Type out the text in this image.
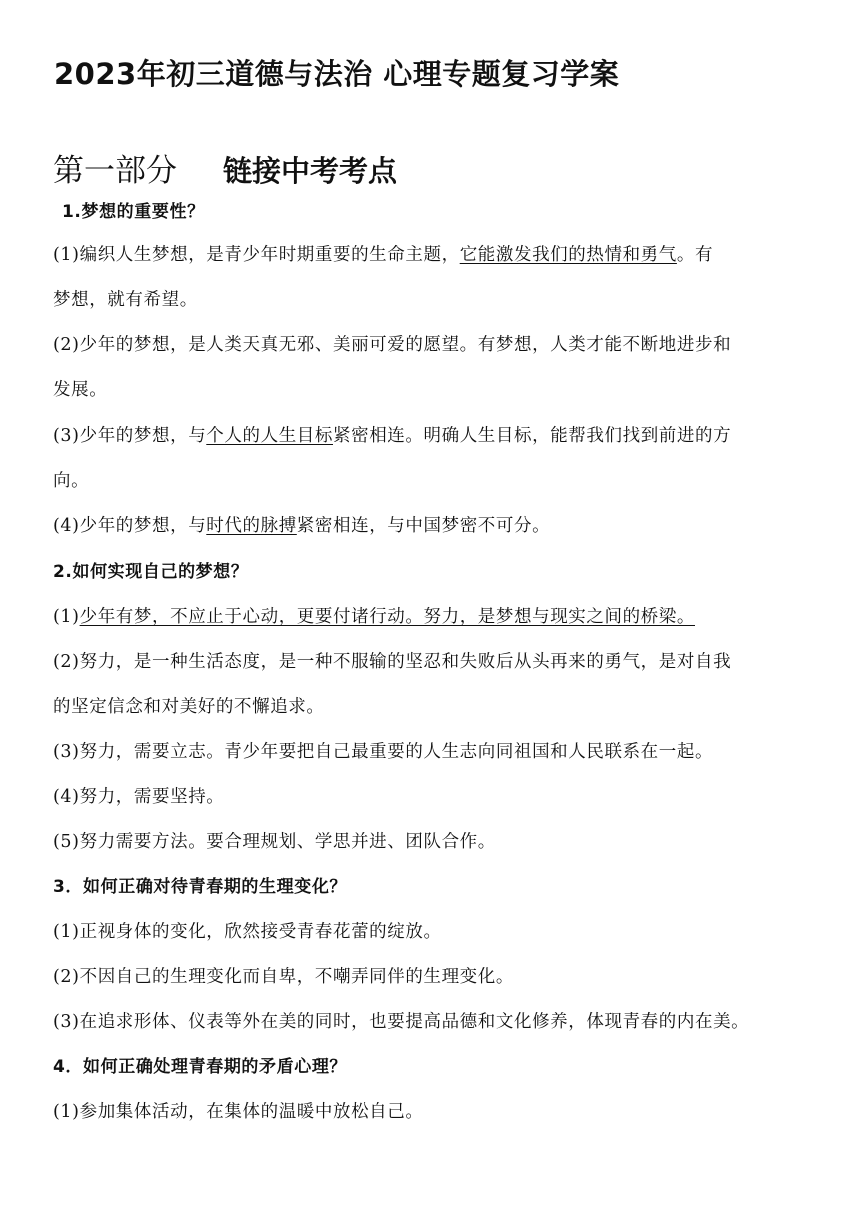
2023年初三道德与法治 心理专题复习学案
第一部分 链接中考考点
1.梦想的重要性？
(1)编织人生梦想，是青少年时期重要的生命主题，它能激发我们的热情和勇气。有
梦想，就有希望。
(2)少年的梦想，是人类天真无邪、美丽可爱的愿望。有梦想，人类才能不断地进步和
发展。
(3)少年的梦想，与个人的人生目标紧密相连。明确人生目标，能帮我们找到前进的方
向。
(4)少年的梦想，与时代的脉搏紧密相连，与中国梦密不可分。
2.如何实现自己的梦想？
(1)少年有梦，不应止于心动，更要付诸行动。努力，是梦想与现实之间的桥梁。
(2)努力，是一种生活态度，是一种不服输的坚忍和失败后从头再来的勇气，是对自我
的坚定信念和对美好的不懈追求。
(3)努力，需要立志。青少年要把自己最重要的人生志向同祖国和人民联系在一起。
(4)努力，需要坚持。
(5)努力需要方法。要合理规划、学思并进、团队合作。
3．如何正确对待青春期的生理变化？
(1)正视身体的变化，欣然接受青春花蕾的绽放。
(2)不因自己的生理变化而自卑，不嘲弄同伴的生理变化。
(3)在追求形体、仪表等外在美的同时，也要提高品德和文化修养，体现青春的内在美。
4．如何正确处理青春期的矛盾心理？
(1)参加集体活动，在集体的温暖中放松自己。
